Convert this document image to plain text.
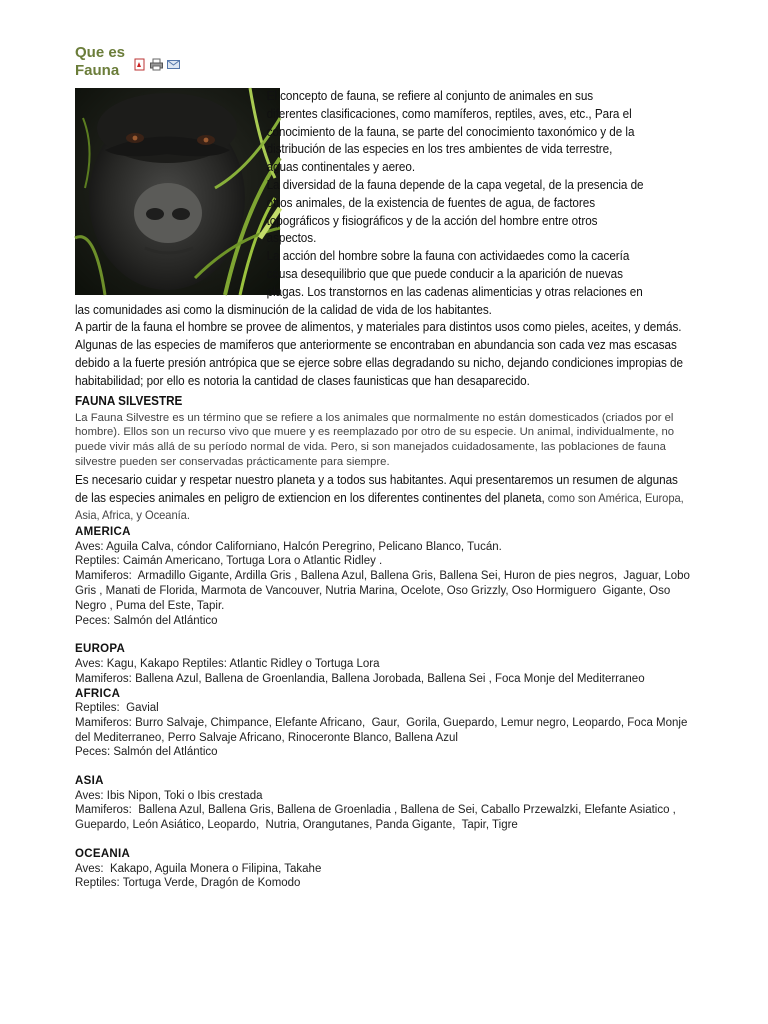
Que es Fauna

El concepto de fauna, se refiere al conjunto de animales en sus diferentes clasificaciones, como mamíferos, reptiles, aves, etc., Para el conocimiento de la fauna, se parte del conocimiento taxonómico y de la distribución de las especies en los tres ambientes de vida terrestre, aguas continentales y aereo.

La diversidad de la fauna depende de la capa vegetal, de la presencia de otros animales, de la existencia de fuentes de agua, de factores topográficos y fisiográficos y de la acción del hombre entre otros aspectos.

La acción del hombre sobre la fauna con actividaedes como la cacería causa desequilibrio que que puede conducir a la aparición de nuevas plagas. Los transtornos en las cadenas alimenticias y otras relaciones en las comunidades asi como la disminución de la calidad de vida de los habitantes.

A partir de la fauna el hombre se provee de alimentos, y materiales para distintos usos como pieles, aceites, y demás. Algunas de las especies de mamiferos que anteriormente se encontraban en abundancia son cada vez mas escasas debido a la fuerte presión antrópica que se ejerce sobre ellas degradando su nicho, dejando condiciones impropias de habitabilidad; por ello es notoria la cantidad de clases faunisticas que han desaparecido.

FAUNA SILVESTRE

La Fauna Silvestre es un término que se refiere a los animales que normalmente no están domesticados (criados por el hombre). Ellos son un recurso vivo que muere y es reemplazado por otro de su especie. Un animal, individualmente, no puede vivir más allá de su período normal de vida. Pero, si son manejados cuidadosamente, las poblaciones de fauna silvestre pueden ser conservadas prácticamente para siempre.

Es necesario cuidar y respetar nuestro planeta y a todos sus habitantes. Aqui presentaremos un resumen de algunas de las especies animales en peligro de extiencion en los diferentes continentes del planeta, como son América, Europa, Asia, Africa, y Oceanía.

AMERICA

Aves: Aguila Calva, cóndor Californiano, Halcón Peregrino, Pelicano Blanco, Tucán.

Reptiles: Caimán Americano, Tortuga Lora o Atlantic Ridley .

Mamiferos:  Armadillo Gigante, Ardilla Gris , Ballena Azul, Ballena Gris, Ballena Sei, Huron de pies negros,  Jaguar, Lobo Gris , Manati de Florida, Marmota de Vancouver, Nutria Marina, Ocelote, Oso Grizzly, Oso Hormiguero  Gigante, Oso Negro , Puma del Este, Tapir.

Peces: Salmón del Atlántico

EUROPA

Aves: Kagu, Kakapo Reptiles: Atlantic Ridley o Tortuga Lora

Mamiferos: Ballena Azul, Ballena de Groenlandia, Ballena Jorobada, Ballena Sei , Foca Monje del Mediterraneo

AFRICA

Reptiles:  Gavial

Mamiferos: Burro Salvaje, Chimpance, Elefante Africano,  Gaur,  Gorila, Guepardo, Lemur negro, Leopardo, Foca Monje del Mediterraneo, Perro Salvaje Africano, Rinoceronte Blanco, Ballena Azul

Peces: Salmón del Atlántico

ASIA

Aves: Ibis Nipon, Toki o Ibis crestada

Mamiferos:  Ballena Azul, Ballena Gris, Ballena de Groenladia , Ballena de Sei, Caballo Przewalzki, Elefante Asiatico , Guepardo, León Asiático, Leopardo,  Nutria, Orangutanes, Panda Gigante,  Tapir, Tigre

OCEANIA

Aves:  Kakapo, Aguila Monera o Filipina, Takahe

Reptiles: Tortuga Verde, Dragón de Komodo
